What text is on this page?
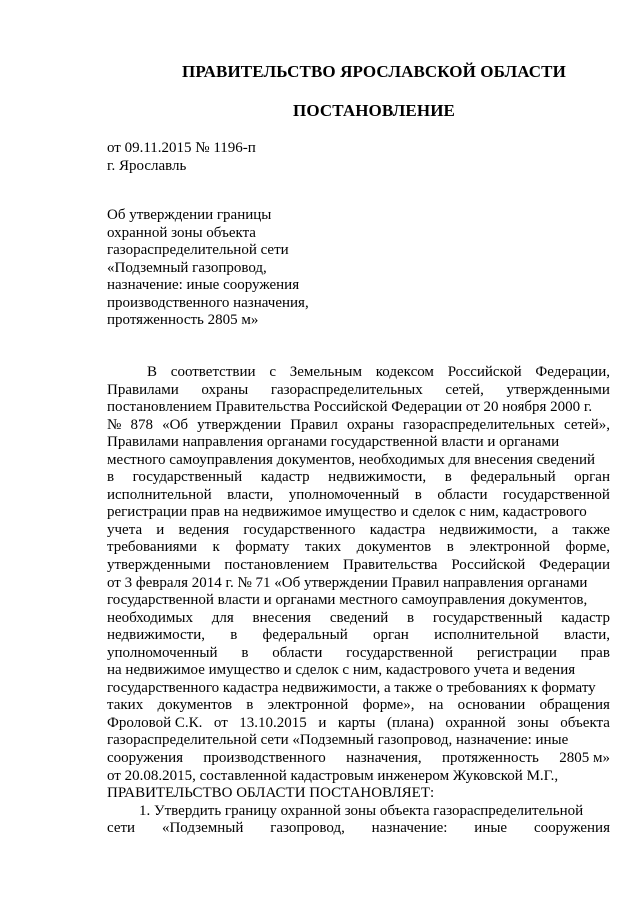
ПРАВИТЕЛЬСТВО ЯРОСЛАВСКОЙ ОБЛАСТИ
ПОСТАНОВЛЕНИЕ
от 09.11.2015 № 1196-п
г. Ярославль
Об утверждении границы
охранной зоны объекта
газораспределительной сети
«Подземный газопровод,
назначение: иные сооружения
производственного назначения,
протяженность 2805 м»
В соответствии с Земельным кодексом Российской Федерации,
Правилами охраны газораспределительных сетей, утвержденными
постановлением Правительства Российской Федерации от 20 ноября 2000 г.
№ 878 «Об утверждении Правил охраны газораспределительных сетей»,
Правилами направления органами государственной власти и органами
местного самоуправления документов, необходимых для внесения сведений
в государственный кадастр недвижимости, в федеральный орган
исполнительной власти, уполномоченный в области государственной
регистрации прав на недвижимое имущество и сделок с ним, кадастрового
учета и ведения государственного кадастра недвижимости, а также
требованиями к формату таких документов в электронной форме,
утвержденными постановлением Правительства Российской Федерации
от 3 февраля 2014 г. № 71 «Об утверждении Правил направления органами
государственной власти и органами местного самоуправления документов,
необходимых для внесения сведений в государственный кадастр
недвижимости, в федеральный орган исполнительной власти,
уполномоченный в области государственной регистрации прав
на недвижимое имущество и сделок с ним, кадастрового учета и ведения
государственного кадастра недвижимости, а также о требованиях к формату
таких документов в электронной форме», на основании обращения
Фроловой С.К. от 13.10.2015 и карты (плана) охранной зоны объекта
газораспределительной сети «Подземный газопровод, назначение: иные
сооружения производственного назначения, протяженность 2805 м»
от 20.08.2015, составленной кадастровым инженером Жуковской М.Г.,
ПРАВИТЕЛЬСТВО ОБЛАСТИ ПОСТАНОВЛЯЕТ:
1. Утвердить границу охранной зоны объекта газораспределительной
сети «Подземный газопровод, назначение: иные сооружения
